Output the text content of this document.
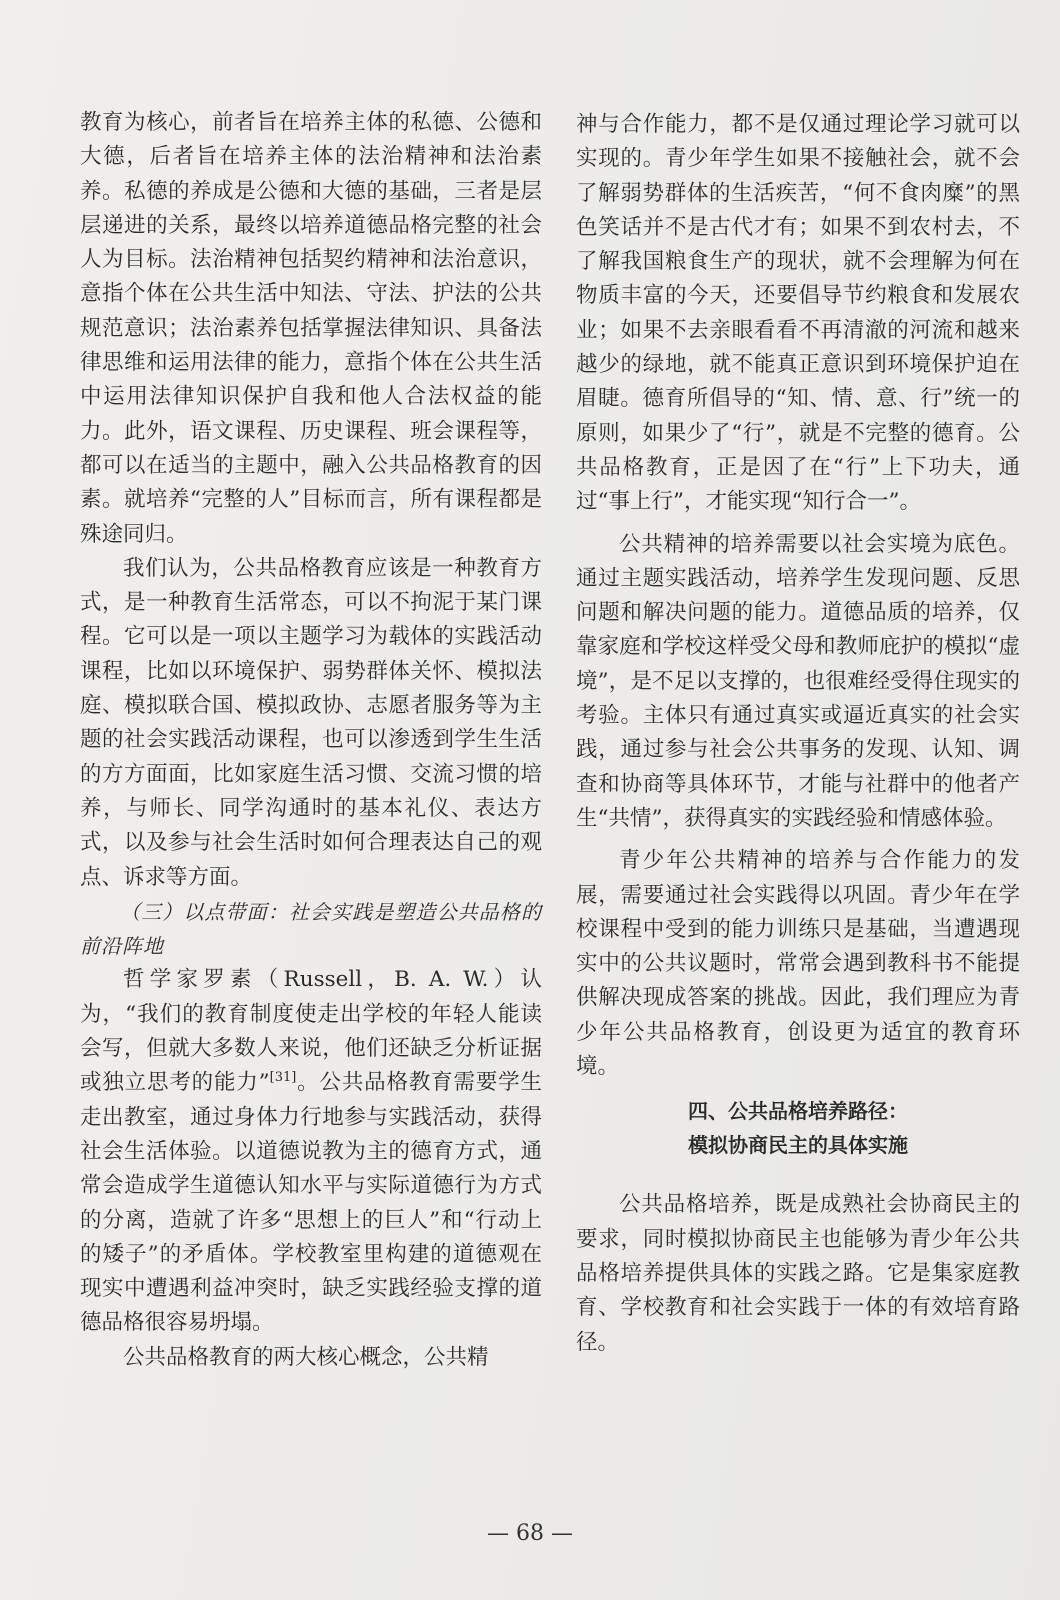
教育为核心，前者旨在培养主体的私德、公德和大德，后者旨在培养主体的法治精神和法治素养。私德的养成是公德和大德的基础，三者是层层递进的关系，最终以培养道德品格完整的社会人为目标。法治精神包括契约精神和法治意识，意指个体在公共生活中知法、守法、护法的公共规范意识；法治素养包括掌握法律知识、具备法律思维和运用法律的能力，意指个体在公共生活中运用法律知识保护自我和他人合法权益的能力。此外，语文课程、历史课程、班会课程等，都可以在适当的主题中，融入公共品格教育的因素。就培养“完整的人”目标而言，所有课程都是殊途同归。

我们认为，公共品格教育应该是一种教育方式，是一种教育生活常态，可以不拘泥于某门课程。它可以是一项以主题学习为载体的实践活动课程，比如以环境保护、弱势群体关怀、模拟法庭、模拟联合国、模拟政协、志愿者服务等为主题的社会实践活动课程，也可以渗透到学生生活的方方面面，比如家庭生活习惯、交流习惯的培养，与师长、同学沟通时的基本礼仪、表达方式，以及参与社会生活时如何合理表达自己的观点、诉求等方面。

（三）以点带面：社会实践是塑造公共品格的前沿阵地

哲学家罗素（Russell，B. A. W.）认为，“我们的教育制度使走出学校的年轻人能读会写，但就大多数人来说，他们还缺乏分析证据或独立思考的能力”[31]。公共品格教育需要学生走出教室，通过身体力行地参与实践活动，获得社会生活体验。以道德说教为主的德育方式，通常会造成学生道德认知水平与实际道德行为方式的分离，造就了许多“思想上的巨人”和“行动上的矮子”的矛盾体。学校教室里构建的道德观在现实中遭遇利益冲突时，缺乏实践经验支撑的道德品格很容易坍塌。

公共品格教育的两大核心概念，公共精

神与合作能力，都不是仅通过理论学习就可以实现的。青少年学生如果不接触社会，就不会了解弱势群体的生活疾苦，“何不食肉糜”的黑色笑话并不是古代才有；如果不到农村去，不了解我国粮食生产的现状，就不会理解为何在物质丰富的今天，还要倡导节约粮食和发展农业；如果不去亲眼看看不再清澈的河流和越来越少的绿地，就不能真正意识到环境保护迫在眉睫。德育所倡导的“知、情、意、行”统一的原则，如果少了“行”，就是不完整的德育。公共品格教育，正是因了在“行”上下功夫，通过“事上行”，才能实现“知行合一”。

公共精神的培养需要以社会实境为底色。通过主题实践活动，培养学生发现问题、反思问题和解决问题的能力。道德品质的培养，仅靠家庭和学校这样受父母和教师庇护的模拟“虚境”，是不足以支撑的，也很难经受得住现实的考验。主体只有通过真实或逼近真实的社会实践，通过参与社会公共事务的发现、认知、调查和协商等具体环节，才能与社群中的他者产生“共情”，获得真实的实践经验和情感体验。

青少年公共精神的培养与合作能力的发展，需要通过社会实践得以巩固。青少年在学校课程中受到的能力训练只是基础，当遭遇现实中的公共议题时，常常会遇到教科书不能提供解决现成答案的挑战。因此，我们理应为青少年公共品格教育，创设更为适宜的教育环境。

四、公共品格培养路径：
模拟协商民主的具体实施

公共品格培养，既是成熟社会协商民主的要求，同时模拟协商民主也能够为青少年公共品格培养提供具体的实践之路。它是集家庭教育、学校教育和社会实践于一体的有效培育路径。

— 68 —
